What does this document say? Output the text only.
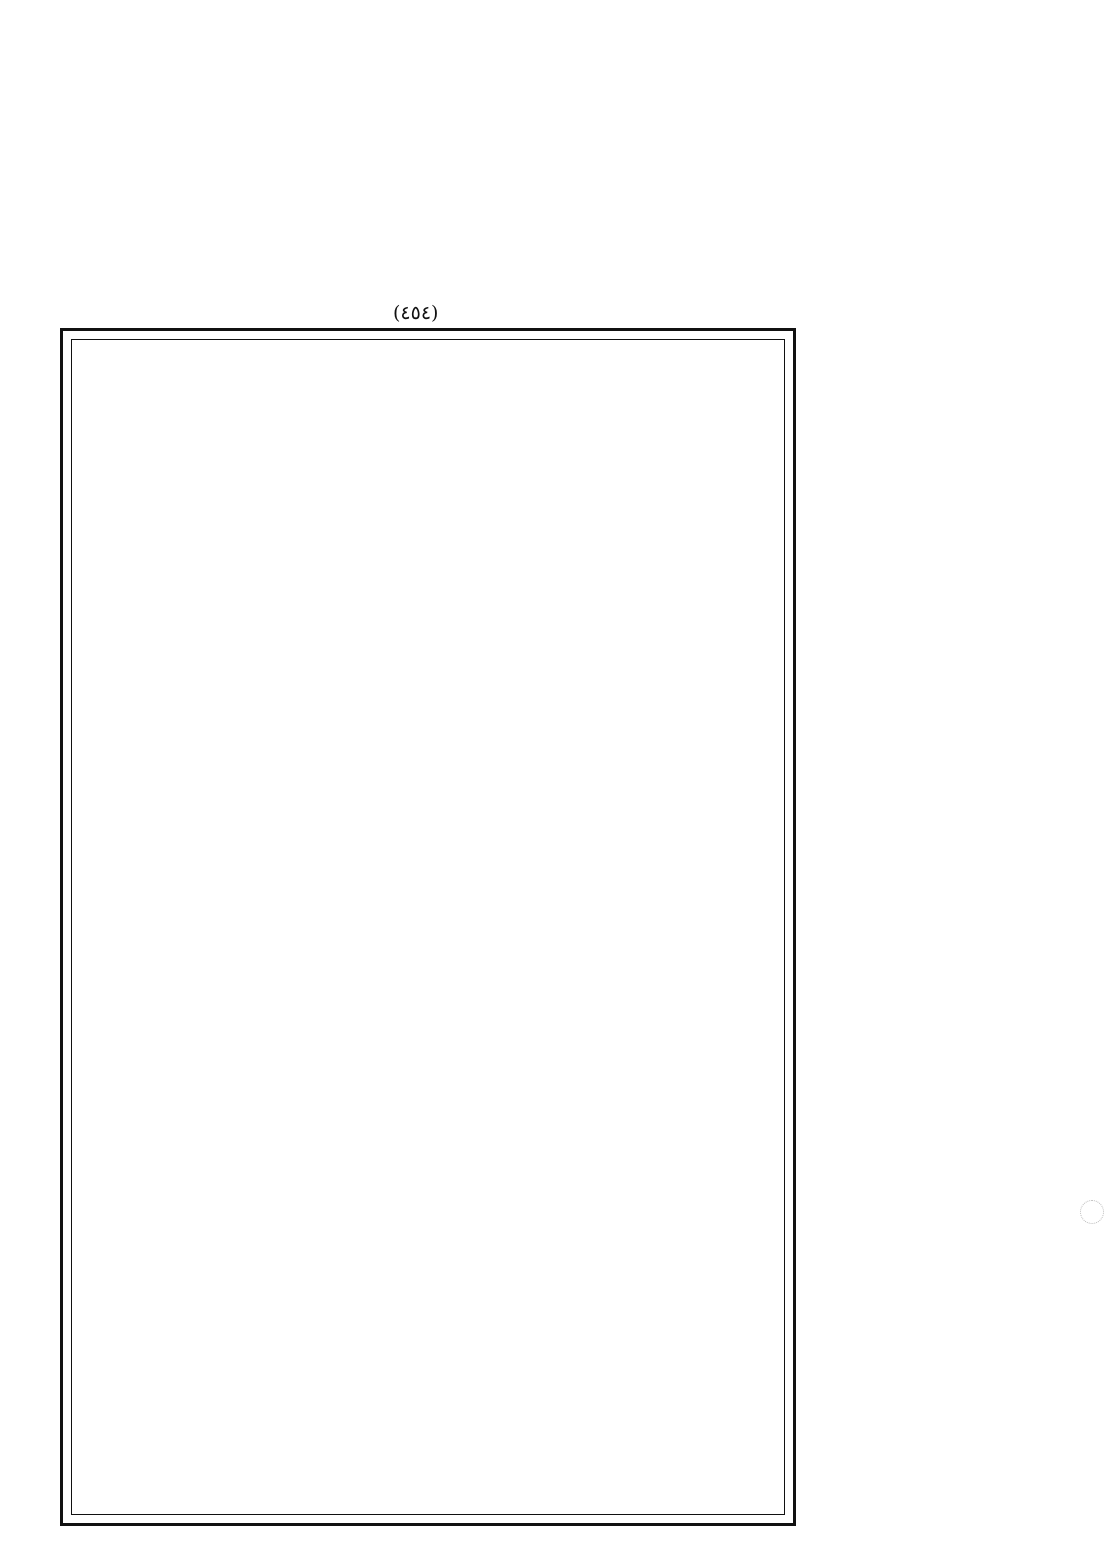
(٤٥٤)
